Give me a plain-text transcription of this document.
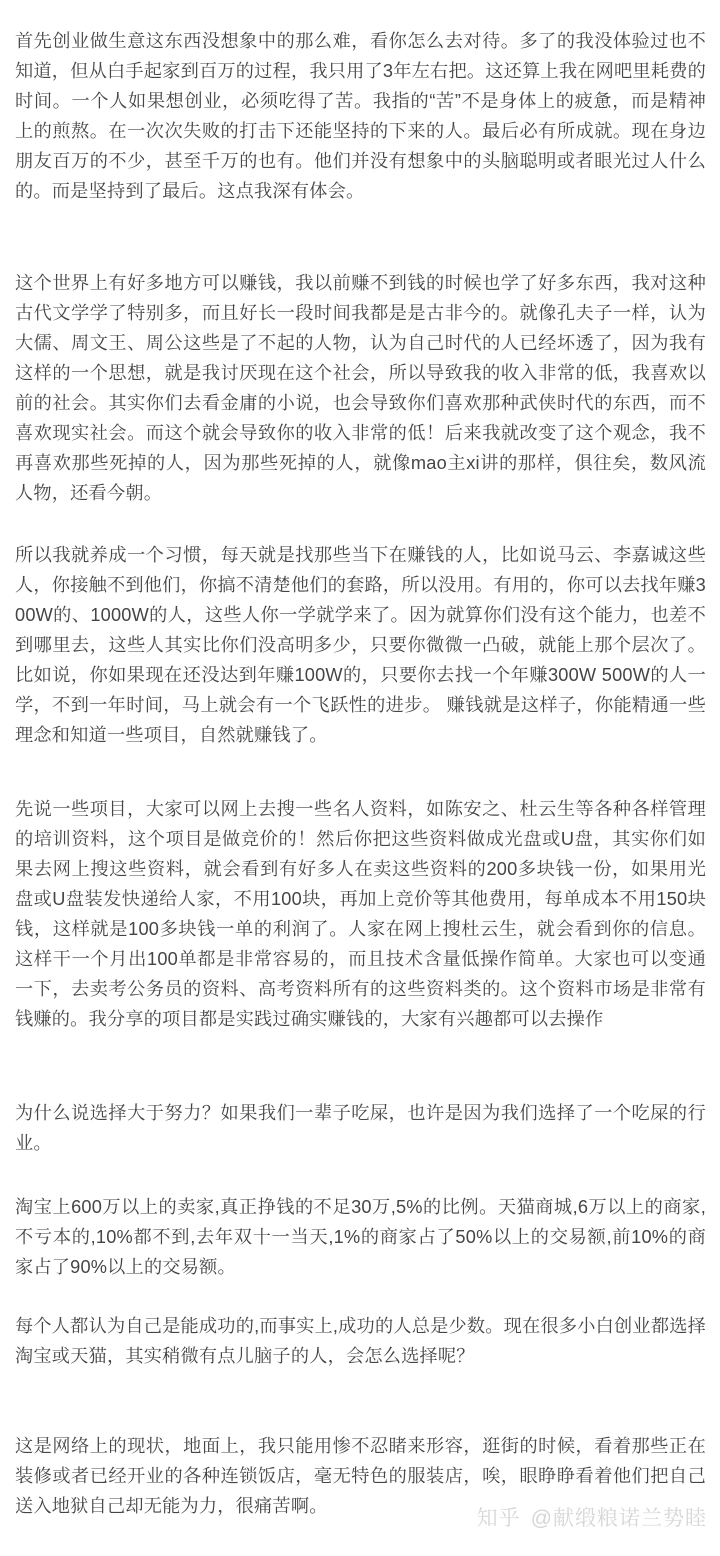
首先创业做生意这东西没想象中的那么难，看你怎么去对待。多了的我没体验过也不知道，但从白手起家到百万的过程，我只用了3年左右把。这还算上我在网吧里耗费的时间。一个人如果想创业，必须吃得了苦。我指的“苦”不是身体上的疲惫，而是精神上的煎熬。在一次次失败的打击下还能坚持的下来的人。最后必有所成就。现在身边朋友百万的不少，甚至千万的也有。他们并没有想象中的头脑聪明或者眼光过人什么的。而是坚持到了最后。这点我深有体会。

这个世界上有好多地方可以赚钱，我以前赚不到钱的时候也学了好多东西，我对这种古代文学学了特别多，而且好长一段时间我都是是古非今的。就像孔夫子一样，认为大儒、周文王、周公这些是了不起的人物，认为自己时代的人已经坏透了，因为我有这样的一个思想，就是我讨厌现在这个社会，所以导致我的收入非常的低，我喜欢以前的社会。其实你们去看金庸的小说，也会导致你们喜欢那种武侠时代的东西，而不喜欢现实社会。而这个就会导致你的收入非常的低！后来我就改变了这个观念，我不再喜欢那些死掉的人，因为那些死掉的人，就像mao主xi讲的那样，俱往矣，数风流人物，还看今朝。

所以我就养成一个习惯，每天就是找那些当下在赚钱的人，比如说马云、李嘉诚这些人，你接触不到他们，你搞不清楚他们的套路，所以没用。有用的，你可以去找年赚300W的、1000W的人，这些人你一学就学来了。因为就算你们没有这个能力，也差不到哪里去，这些人其实比你们没高明多少，只要你微微一凸破，就能上那个层次了。比如说，你如果现在还没达到年赚100W的，只要你去找一个年赚300W 500W的人一学，不到一年时间，马上就会有一个飞跃性的进步。 赚钱就是这样子，你能精通一些理念和知道一些项目，自然就赚钱了。

先说一些项目，大家可以网上去搜一些名人资料，如陈安之、杜云生等各种各样管理的培训资料，这个项目是做竞价的！然后你把这些资料做成光盘或U盘，其实你们如果去网上搜这些资料，就会看到有好多人在卖这些资料的200多块钱一份，如果用光盘或U盘装发快递给人家，不用100块，再加上竞价等其他费用，每单成本不用150块钱，这样就是100多块钱一单的利润了。人家在网上搜杜云生，就会看到你的信息。这样干一个月出100单都是非常容易的，而且技术含量低操作简单。大家也可以变通一下，去卖考公务员的资料、高考资料所有的这些资料类的。这个资料市场是非常有钱赚的。我分享的项目都是实践过确实赚钱的，大家有兴趣都可以去操作

为什么说选择大于努力？如果我们一辈子吃屎，也许是因为我们选择了一个吃屎的行业。

淘宝上600万以上的卖家,真正挣钱的不足30万,5%的比例。天猫商城,6万以上的商家,不亏本的,10%都不到,去年双十一当天,1%的商家占了50%以上的交易额,前10%的商家占了90%以上的交易额。

每个人都认为自己是能成功的,而事实上,成功的人总是少数。现在很多小白创业都选择淘宝或天猫，其实稍微有点儿脑子的人，会怎么选择呢？

这是网络上的现状，地面上，我只能用惨不忍睹来形容，逛街的时候，看着那些正在装修或者已经开业的各种连锁饭店，毫无特色的服装店，唉，眼睁睁看着他们把自己送入地狱自己却无能为力，很痛苦啊。

知乎 @献缎粮诺兰势睦
